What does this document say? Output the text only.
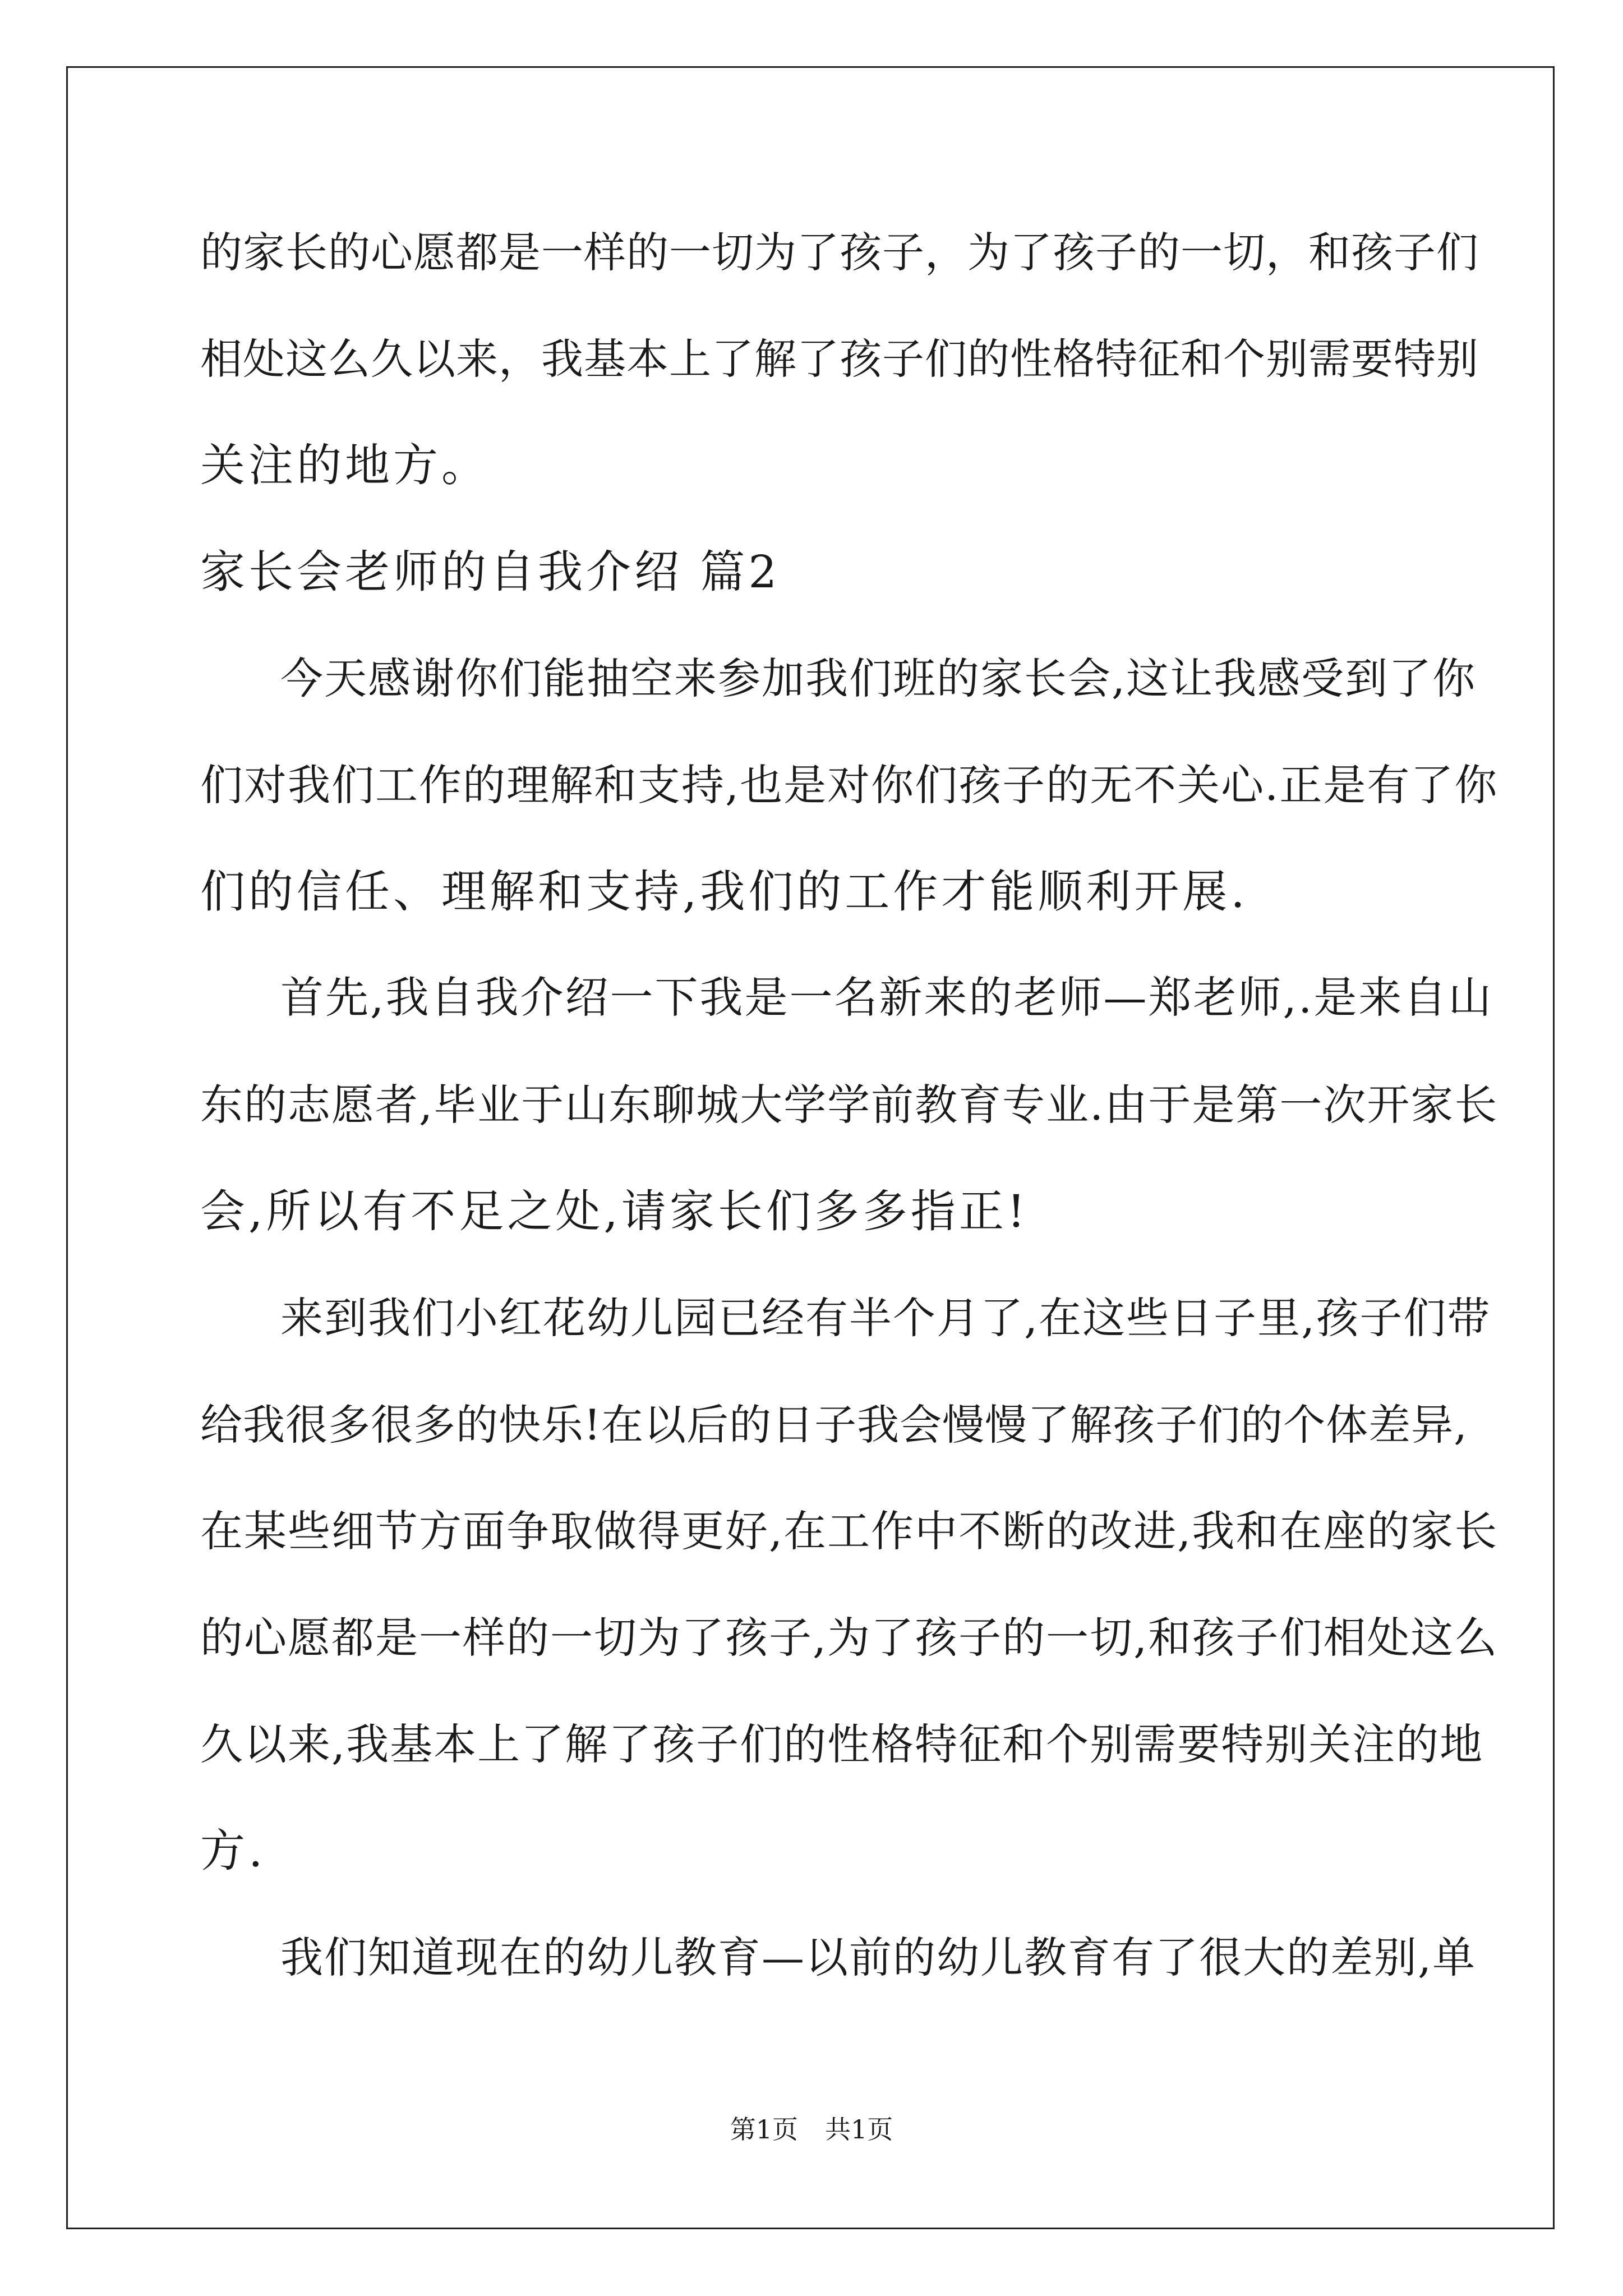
的家长的心愿都是一样的一切为了孩子，为了孩子的一切，和孩子们
相处这么久以来，我基本上了解了孩子们的性格特征和个别需要特别
关注的地方。
家长会老师的自我介绍 篇2
今天感谢你们能抽空来参加我们班的家长会,这让我感受到了你
们对我们工作的理解和支持,也是对你们孩子的无不关心.正是有了你
们的信任、理解和支持,我们的工作才能顺利开展.
首先,我自我介绍一下我是一名新来的老师—郑老师,.是来自山
东的志愿者,毕业于山东聊城大学学前教育专业.由于是第一次开家长
会,所以有不足之处,请家长们多多指正!
来到我们小红花幼儿园已经有半个月了,在这些日子里,孩子们带
给我很多很多的快乐!在以后的日子我会慢慢了解孩子们的个体差异,
在某些细节方面争取做得更好,在工作中不断的改进,我和在座的家长
的心愿都是一样的一切为了孩子,为了孩子的一切,和孩子们相处这么
久以来,我基本上了解了孩子们的性格特征和个别需要特别关注的地
方.
我们知道现在的幼儿教育—以前的幼儿教育有了很大的差别,单
第1页 共1页
